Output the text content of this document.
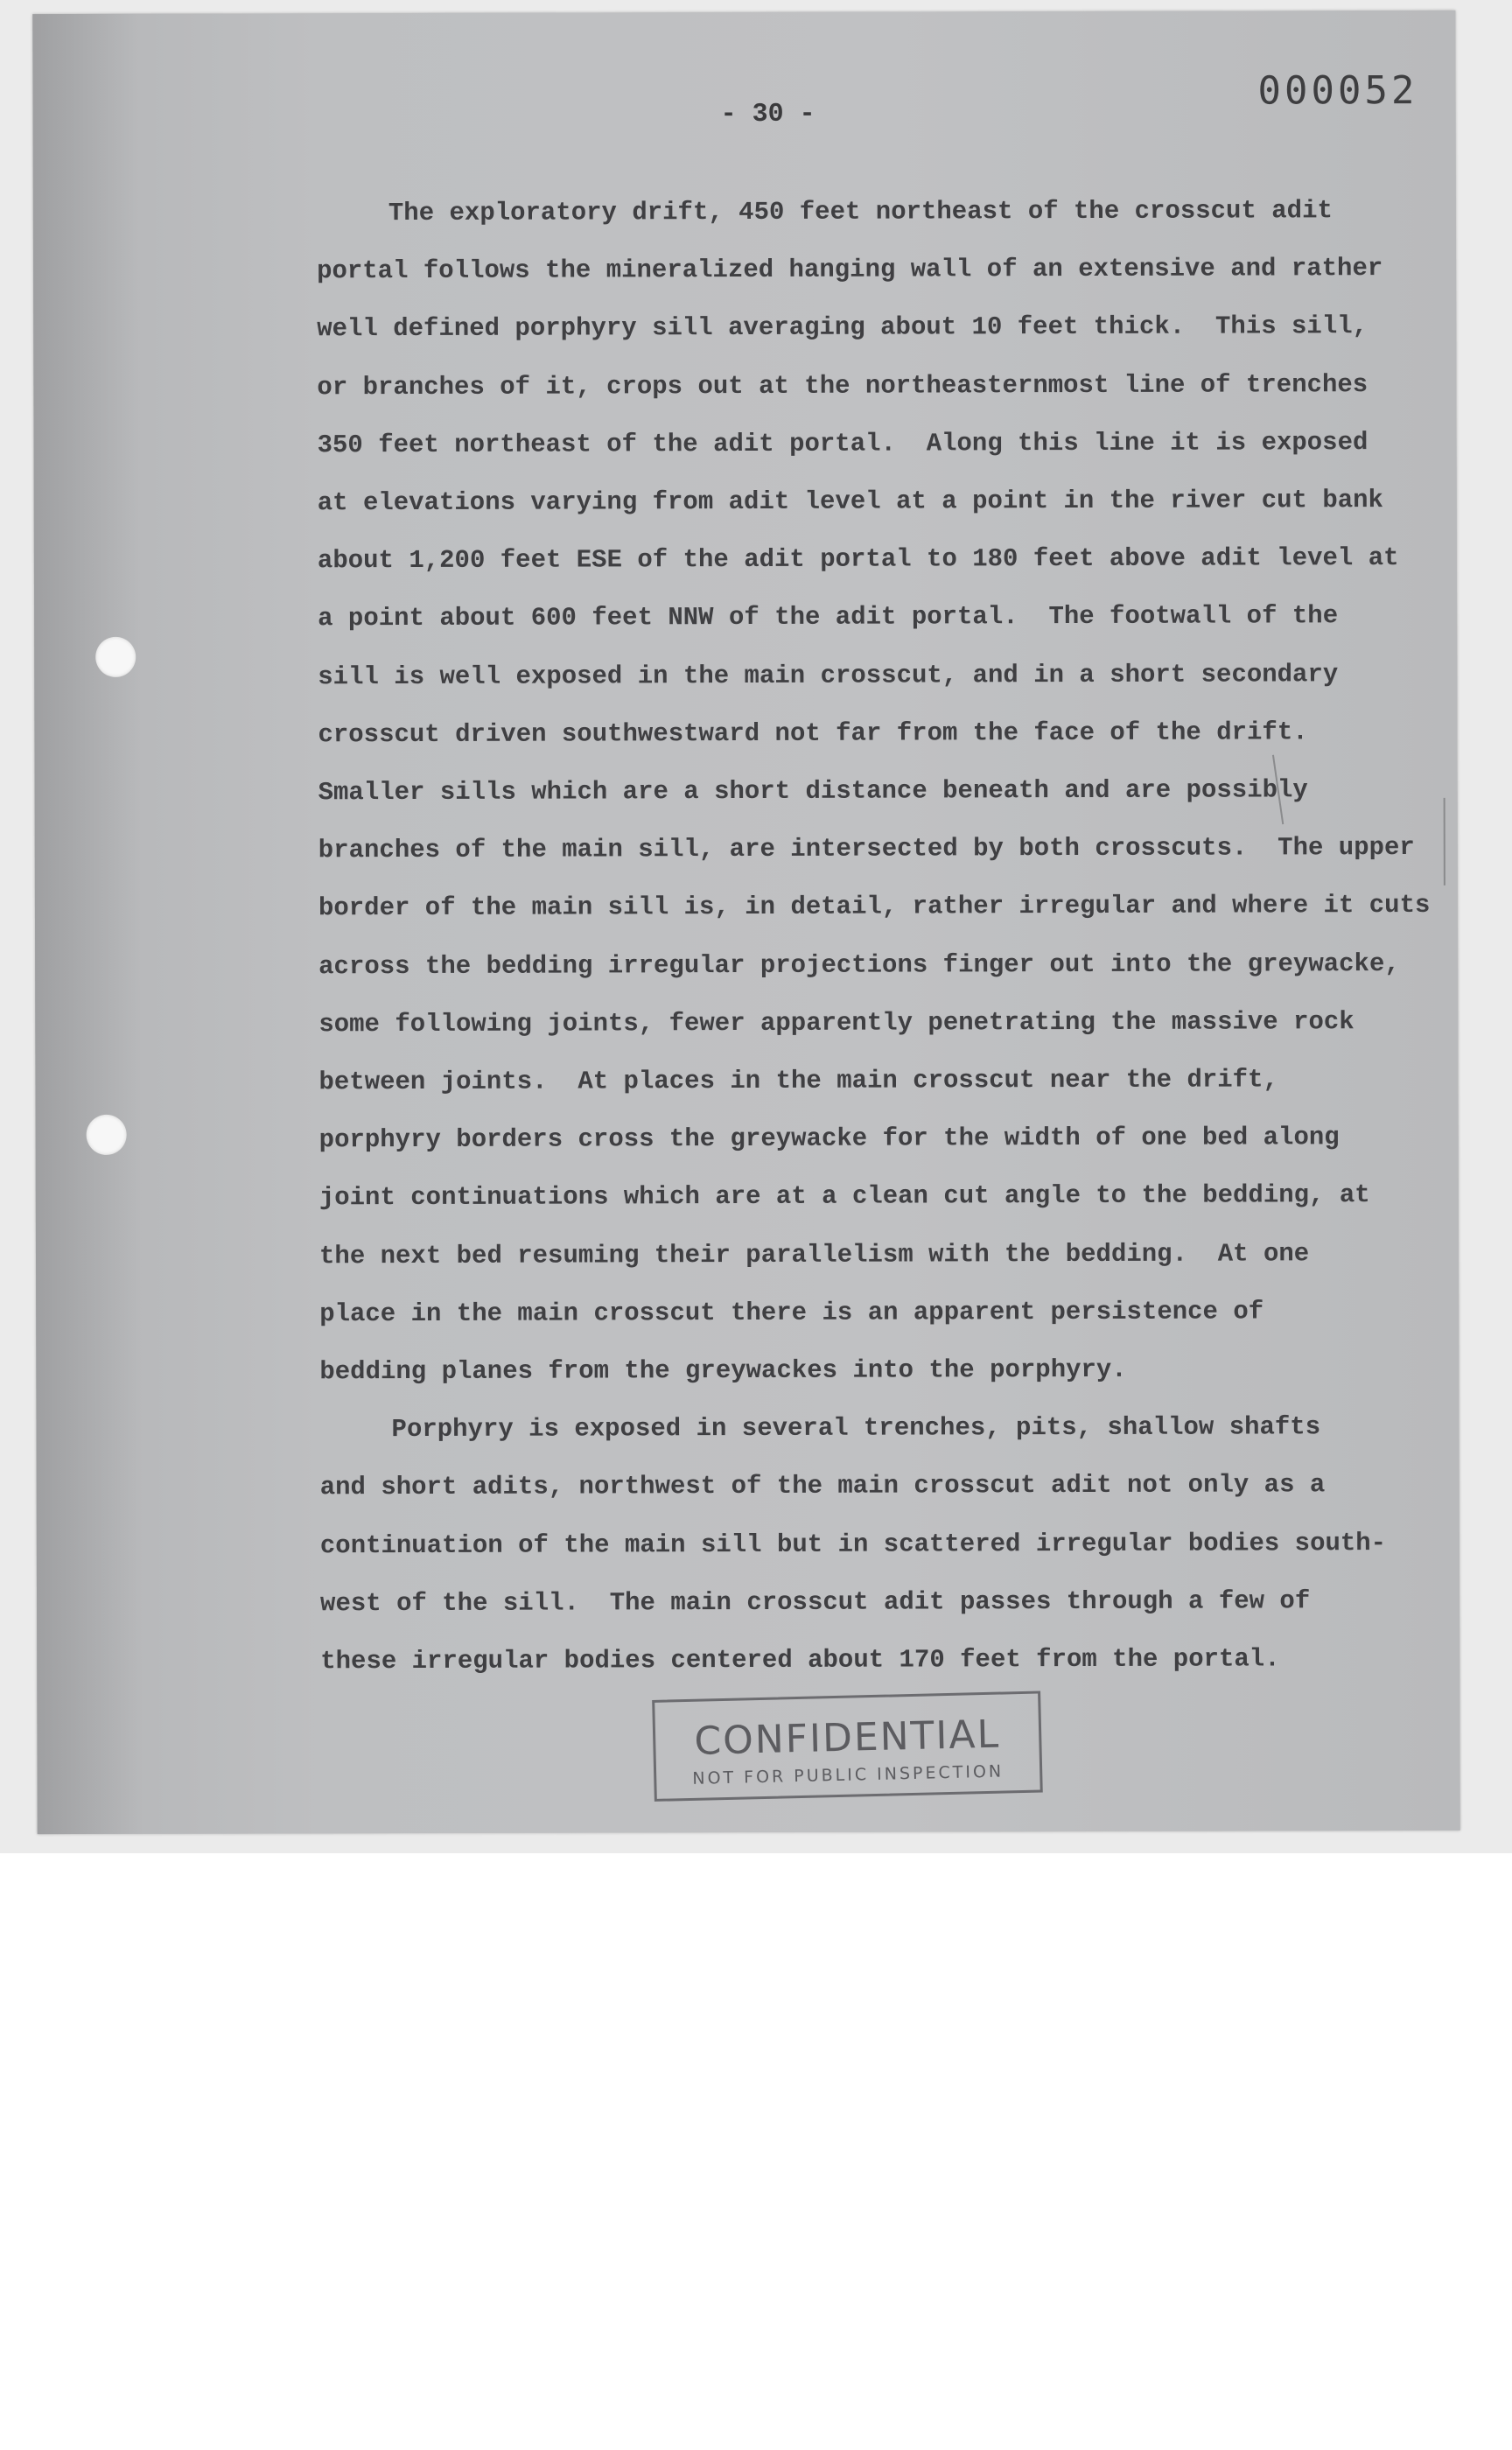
000052
- 30 -
The exploratory drift, 450 feet northeast of the crosscut adit
portal follows the mineralized hanging wall of an extensive and rather
well defined porphyry sill averaging about 10 feet thick.  This sill,
or branches of it, crops out at the northeasternmost line of trenches
350 feet northeast of the adit portal.  Along this line it is exposed
at elevations varying from adit level at a point in the river cut bank
about 1,200 feet ESE of the adit portal to 180 feet above adit level at
a point about 600 feet NNW of the adit portal.  The footwall of the
sill is well exposed in the main crosscut, and in a short secondary
crosscut driven southwestward not far from the face of the drift.
Smaller sills which are a short distance beneath and are possibly
branches of the main sill, are intersected by both crosscuts.  The upper
border of the main sill is, in detail, rather irregular and where it cuts
across the bedding irregular projections finger out into the greywacke,
some following joints, fewer apparently penetrating the massive rock
between joints.  At places in the main crosscut near the drift,
porphyry borders cross the greywacke for the width of one bed along
joint continuations which are at a clean cut angle to the bedding, at
the next bed resuming their parallelism with the bedding.  At one
place in the main crosscut there is an apparent persistence of
bedding planes from the greywackes into the porphyry.
Porphyry is exposed in several trenches, pits, shallow shafts
and short adits, northwest of the main crosscut adit not only as a
continuation of the main sill but in scattered irregular bodies south-
west of the sill.  The main crosscut adit passes through a few of
these irregular bodies centered about 170 feet from the portal.
CONFIDENTIAL
NOT FOR PUBLIC INSPECTION
